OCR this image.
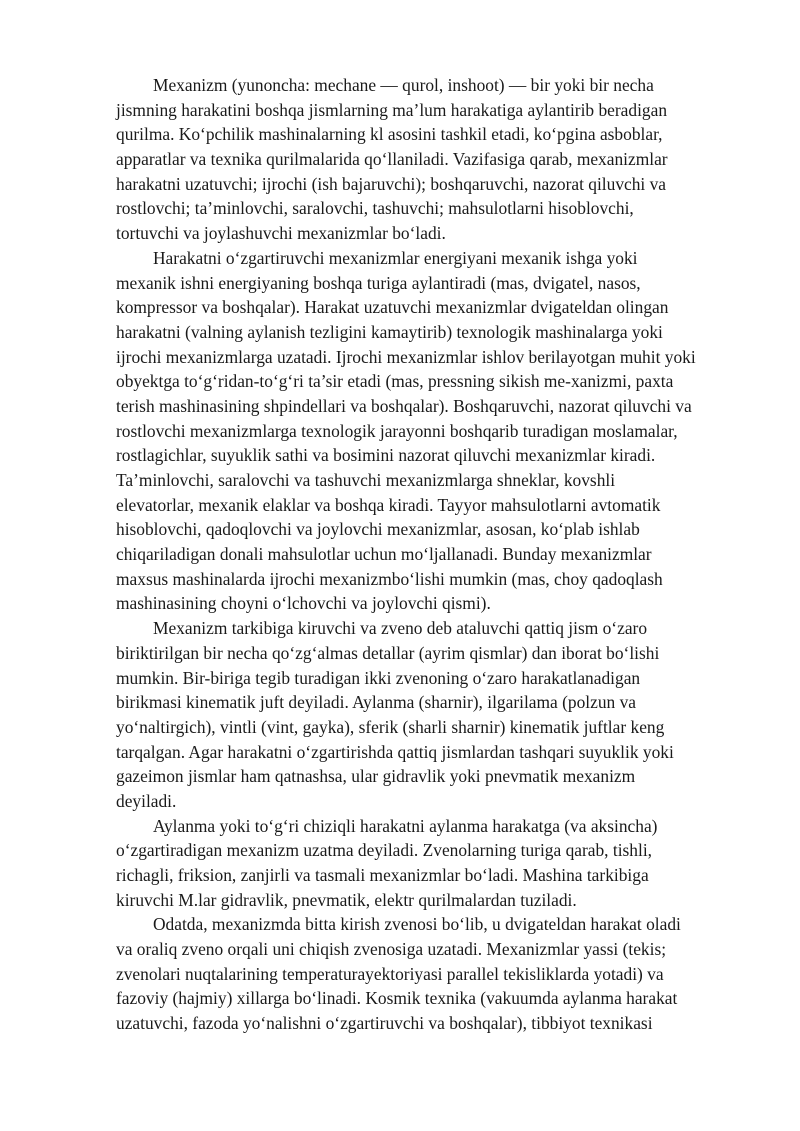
Mexanizm (yunoncha: mechane — qurol, inshoot) — bir yoki bir necha
jismning harakatini boshqa jismlarning ma’lum harakatiga aylantirib beradigan
qurilma. Ko‘pchilik mashinalarning kl asosini tashkil etadi, ko‘pgina asboblar,
apparatlar va texnika qurilmalarida qo‘llaniladi. Vazifasiga qarab, mexanizmlar
harakatni uzatuvchi; ijrochi (ish bajaruvchi); boshqaruvchi, nazorat qiluvchi va
rostlovchi; ta’minlovchi, saralovchi, tashuvchi; mahsulotlarni hisoblovchi,
tortuvchi va joylashuvchi mexanizmlar bo‘ladi.
Harakatni o‘zgartiruvchi mexanizmlar energiyani mexanik ishga yoki
mexanik ishni energiyaning boshqa turiga aylantiradi (mas, dvigatel, nasos,
kompressor va boshqalar). Harakat uzatuvchi mexanizmlar dvigateldan olingan
harakatni (valning aylanish tezligini kamaytirib) texnologik mashinalarga yoki
ijrochi mexanizmlarga uzatadi. Ijrochi mexanizmlar ishlov berilayotgan muhit yoki
obyektga to‘g‘ridan-to‘g‘ri ta’sir etadi (mas, pressning sikish me-xanizmi, paxta
terish mashinasining shpindellari va boshqalar). Boshqaruvchi, nazorat qiluvchi va
rostlovchi mexanizmlarga texnologik jarayonni boshqarib turadigan moslamalar,
rostlagichlar, suyuklik sathi va bosimini nazorat qiluvchi mexanizmlar kiradi.
Ta’minlovchi, saralovchi va tashuvchi mexanizmlarga shneklar, kovshli
elevatorlar, mexanik elaklar va boshqa kiradi. Tayyor mahsulotlarni avtomatik
hisoblovchi, qadoqlovchi va joylovchi mexanizmlar, asosan, ko‘plab ishlab
chiqariladigan donali mahsulotlar uchun mo‘ljallanadi. Bunday mexanizmlar
maxsus mashinalarda ijrochi mexanizmbo‘lishi mumkin (mas, choy qadoqlash
mashinasining choyni o‘lchovchi va joylovchi qismi).
Mexanizm tarkibiga kiruvchi va zveno deb ataluvchi qattiq jism o‘zaro
biriktirilgan bir necha qo‘zg‘almas detallar (ayrim qismlar) dan iborat bo‘lishi
mumkin. Bir-biriga tegib turadigan ikki zvenoning o‘zaro harakatlanadigan
birikmasi kinematik juft deyiladi. Aylanma (sharnir), ilgarilama (polzun va
yo‘naltirgich), vintli (vint, gayka), sferik (sharli sharnir) kinematik juftlar keng
tarqalgan. Agar harakatni o‘zgartirishda qattiq jismlardan tashqari suyuklik yoki
gazeimon jismlar ham qatnashsa, ular gidravlik yoki pnevmatik mexanizm
deyiladi.
Aylanma yoki to‘g‘ri chiziqli harakatni aylanma harakatga (va aksincha)
o‘zgartiradigan mexanizm uzatma deyiladi. Zvenolarning turiga qarab, tishli,
richagli, friksion, zanjirli va tasmali mexanizmlar bo‘ladi. Mashina tarkibiga
kiruvchi M.lar gidravlik, pnevmatik, elektr qurilmalardan tuziladi.
Odatda, mexanizmda bitta kirish zvenosi bo‘lib, u dvigateldan harakat oladi
va oraliq zveno orqali uni chiqish zvenosiga uzatadi. Mexanizmlar yassi (tekis;
zvenolari nuqtalarining temperaturayektoriyasi parallel tekisliklarda yotadi) va
fazoviy (hajmiy) xillarga bo‘linadi. Kosmik texnika (vakuumda aylanma harakat
uzatuvchi, fazoda yo‘nalishni o‘zgartiruvchi va boshqalar), tibbiyot texnikasi
